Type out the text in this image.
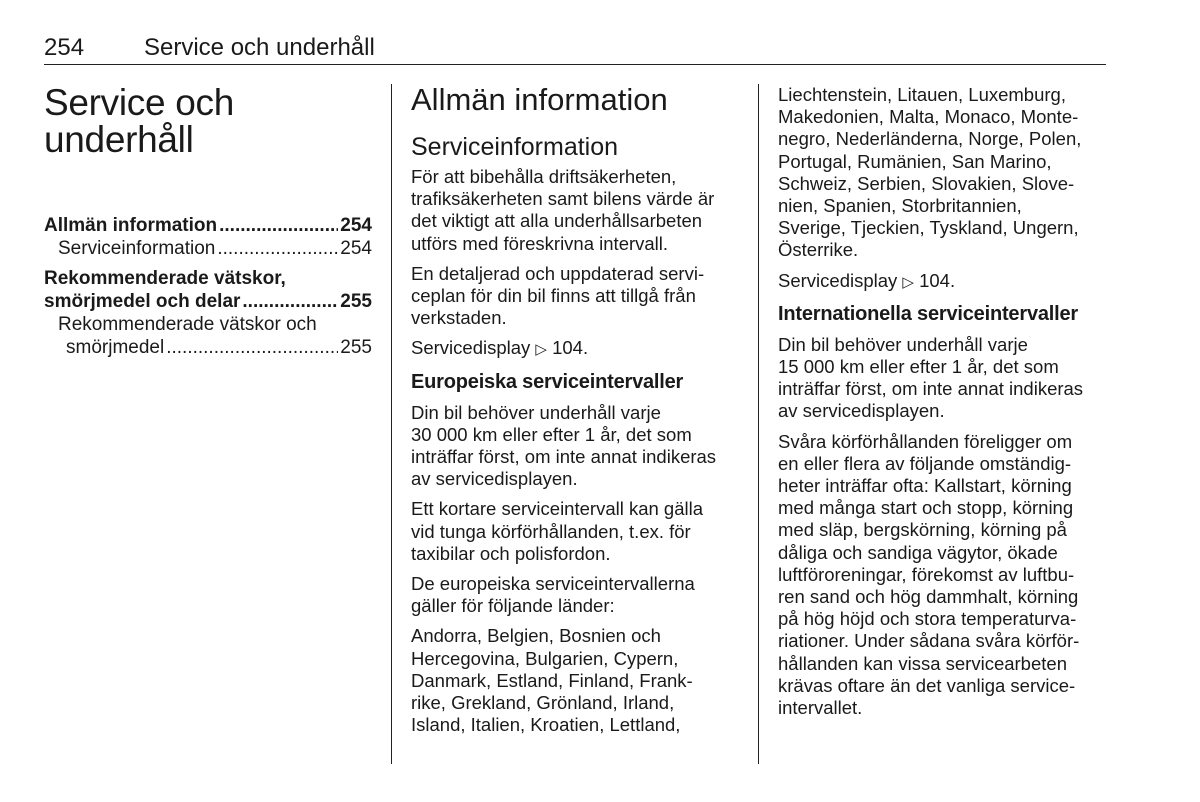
254 Service och underhåll
Service och
underhåll
Allmän information .....	254
Serviceinformation .....	254
Rekommenderade vätskor,
smörjmedel och delar .....	255
Rekommenderade vätskor och
smörjmedel .....	255
Allmän information
Serviceinformation

För att bibehålla driftsäkerheten,
trafiksäkerheten samt bilens värde är
det viktigt att alla underhållsarbeten
utförs med föreskrivna intervall.

En detaljerad och uppdaterad servi-
ceplan för din bil finns att tillgå från
verkstaden.

Servicedisplay ▷ 104.

Europeiska serviceintervaller

Din bil behöver underhåll varje
30 000 km eller efter 1 år, det som
inträffar först, om inte annat indikeras
av servicedisplayen.

Ett kortare serviceintervall kan gälla
vid tunga körförhållanden, t.ex. för
taxibilar och polisfordon.

De europeiska serviceintervallerna
gäller för följande länder:

Andorra, Belgien, Bosnien och
Hercegovina, Bulgarien, Cypern,
Danmark, Estland, Finland, Frank-
rike, Grekland, Grönland, Irland,
Island, Italien, Kroatien, Lettland,

Liechtenstein, Litauen, Luxemburg,
Makedonien, Malta, Monaco, Monte-
negro, Nederländerna, Norge, Polen,
Portugal, Rumänien, San Marino,
Schweiz, Serbien, Slovakien, Slove-
nien, Spanien, Storbritannien,
Sverige, Tjeckien, Tyskland, Ungern,
Österrike.

Servicedisplay ▷ 104.

Internationella serviceintervaller

Din bil behöver underhåll varje
15 000 km eller efter 1 år, det som
inträffar först, om inte annat indikeras
av servicedisplayen.

Svåra körförhållanden föreligger om
en eller flera av följande omständig-
heter inträffar ofta: Kallstart, körning
med många start och stopp, körning
med släp, bergskörning, körning på
dåliga och sandiga vägytor, ökade
luftföroreningar, förekomst av luftbu-
ren sand och hög dammhalt, körning
på hög höjd och stora temperaturva-
riationer. Under sådana svåra körför-
hållanden kan vissa servicearbeten
krävas oftare än det vanliga service-
intervallet.
